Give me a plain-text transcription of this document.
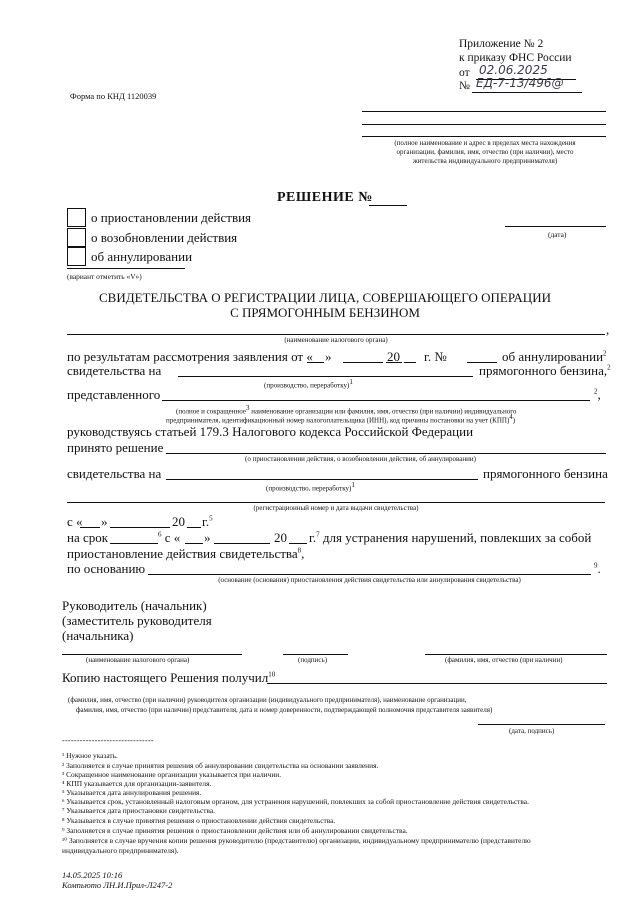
Приложение № 2
к приказу ФНС России
от 02.06.2025
№ ЕД-7-13/496@
Форма по КНД 1120039
(полное наименование и адрес в пределах места нахождения
организации, фамилия, имя, отчество (при наличии), место
жительства индивидуального предпринимателя)
РЕШЕНИЕ №
о приостановлении действия
о возобновлении действия
об аннулировании
(вариант отметить «V»)
(дата)
СВИДЕТЕЛЬСТВА О РЕГИСТРАЦИИ ЛИЦА, СОВЕРШАЮЩЕГО ОПЕРАЦИИ
С ПРЯМОГОННЫМ БЕНЗИНОМ
,
(наименование налогового органа)
по результатам рассмотрения заявления от « »	20 г. №	об аннулировании$^2$
свидетельства на	прямогонного бензина,$^2$
(производство, переработку)1
представленного	$^2$,
(полное и сокращенное3 наименование организации или фамилия, имя, отчество (при наличии) индивидуального
предпринимателя, идентификационный номер налогоплательщика (ИНН), код причины постановки на учет (КПП)4)
руководствуясь статьей 179.3 Налогового кодекса Российской Федерации
принято решение
(о приостановлении действия, о возобновлении действия, об аннулировании)
свидетельства на	прямогонного бензина
(производство, переработку)1
(регистрационный номер и дата выдачи свидетельства)
с « »	20 г.$^5$
на срок	$^6$ с « »	20 г.$^7$ для устранения нарушений, повлекших за собой
приостановление действия свидетельства$^8$,
по основанию	$^9$.
(основание (основания) приостановления действия свидетельства или аннулирования свидетельства)
Руководитель (начальник)
(заместитель руководителя
(начальника)
(наименование налогового органа)	(подпись)	(фамилия, имя, отчество (при наличии)
Копию настоящего Решения получил$^{10}$
(фамилия, имя, отчество (при наличии) руководителя организации (индивидуального предпринимателя), наименование организации,
фамилия, имя, отчество (при наличии) представителя, дата и номер доверенности, подтверждающей полномочия представителя заявителя)
(дата, подпись)
-------------------------------
¹ Нужное указать.
² Заполняется в случае принятия решения об аннулировании свидетельства на основании заявления.
³ Сокращенное наименование организации указывается при наличии.
⁴ КПП указывается для организации-заявителя.
⁵ Указывается дата аннулирования решения.
⁶ Указывается срок, установленный налоговым органом, для устранения нарушений, повлекших за собой приостановление действия свидетельства.
⁷ Указывается дата приостановки свидетельства.
⁸ Указывается в случае принятия решения о приостановлении действия свидетельства.
⁹ Заполняется в случае принятия решения о приостановлении действия или об аннулировании свидетельства.
¹⁰ Заполняется в случае вручения копии решения руководителю (представителю) организации, индивидуальному предпринимателю (представителю
индивидуального предпринимателя).
14.05.2025 10:16
Компьюто ЛН.И.Прил-Л247-2
